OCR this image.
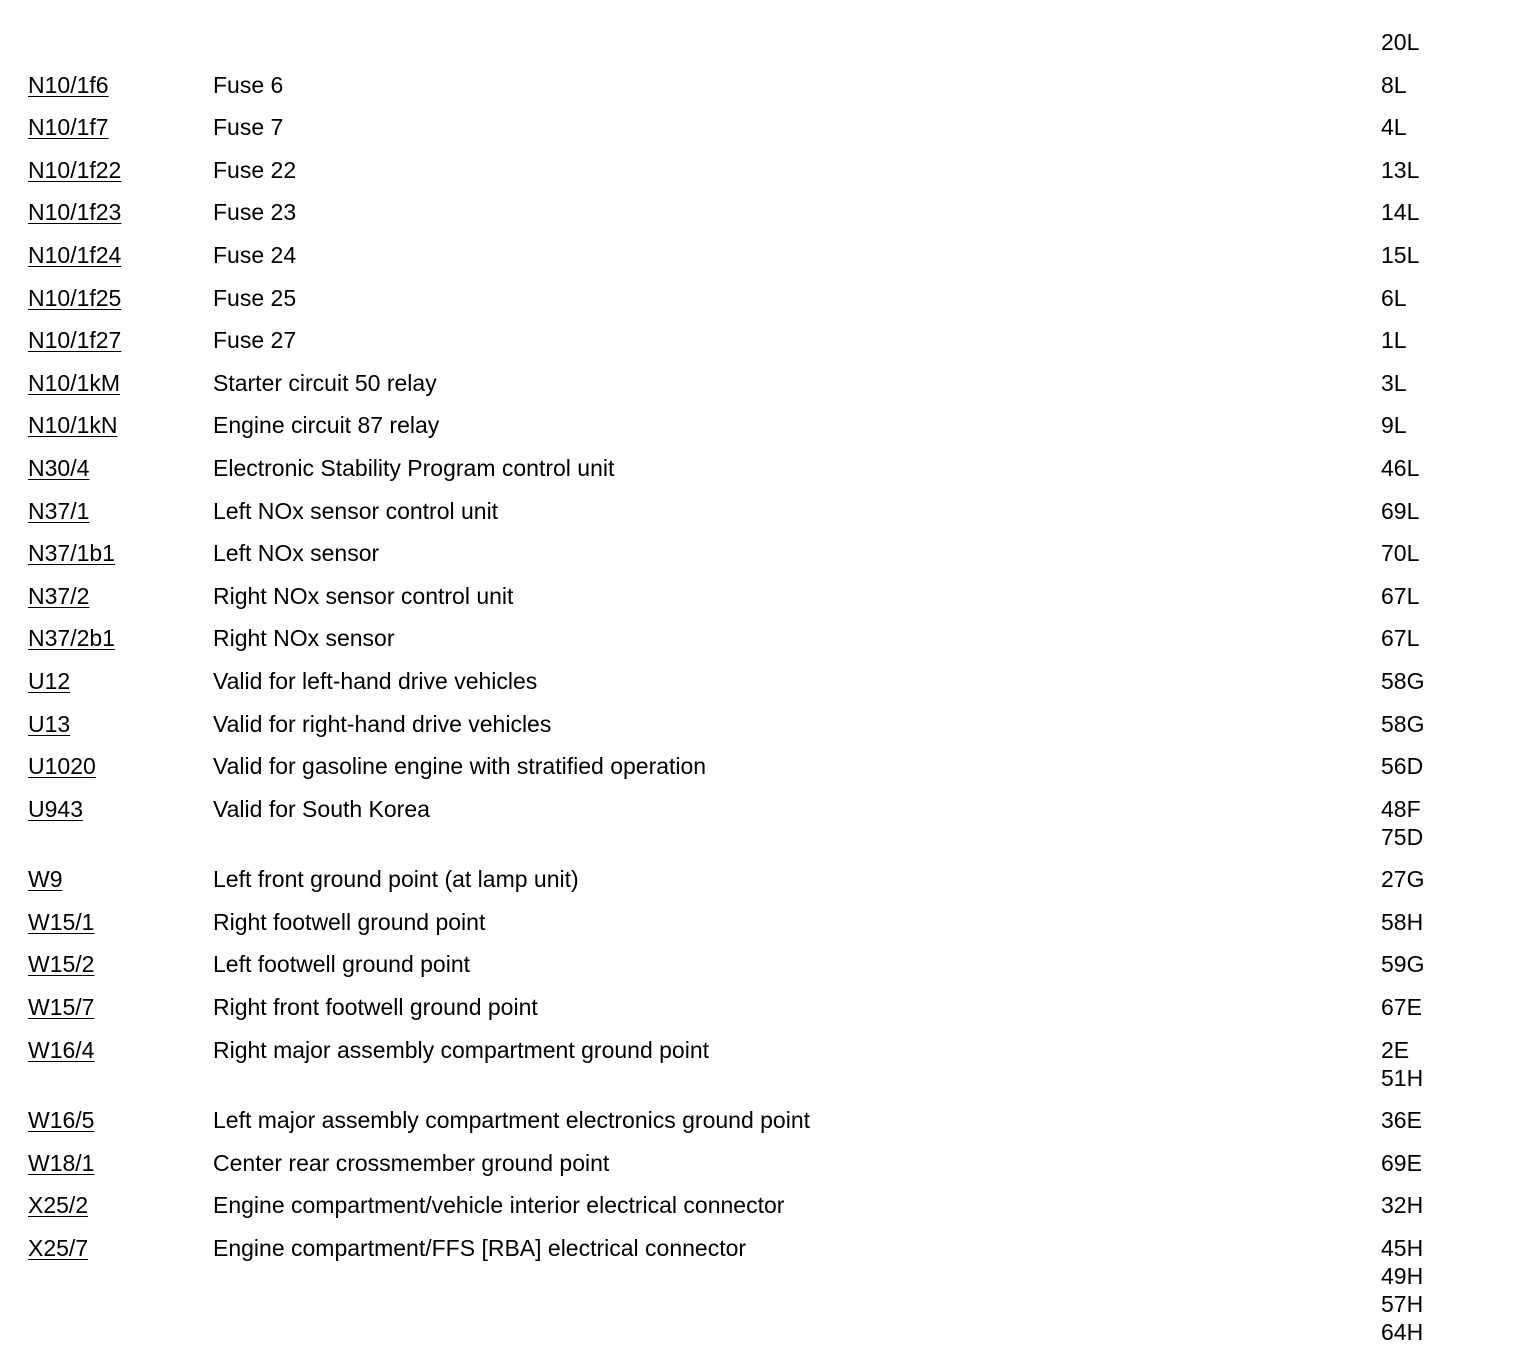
20L
N10/1f6	Fuse 6	8L
N10/1f7	Fuse 7	4L
N10/1f22	Fuse 22	13L
N10/1f23	Fuse 23	14L
N10/1f24	Fuse 24	15L
N10/1f25	Fuse 25	6L
N10/1f27	Fuse 27	1L
N10/1kM	Starter circuit 50 relay	3L
N10/1kN	Engine circuit 87 relay	9L
N30/4	Electronic Stability Program control unit	46L
N37/1	Left NOx sensor control unit	69L
N37/1b1	Left NOx sensor	70L
N37/2	Right NOx sensor control unit	67L
N37/2b1	Right NOx sensor	67L
U12	Valid for left-hand drive vehicles	58G
U13	Valid for right-hand drive vehicles	58G
U1020	Valid for gasoline engine with stratified operation	56D
U943	Valid for South Korea	48F
75D
W9	Left front ground point (at lamp unit)	27G
W15/1	Right footwell ground point	58H
W15/2	Left footwell ground point	59G
W15/7	Right front footwell ground point	67E
W16/4	Right major assembly compartment ground point	2E
51H
W16/5	Left major assembly compartment electronics ground point	36E
W18/1	Center rear crossmember ground point	69E
X25/2	Engine compartment/vehicle interior electrical connector	32H
X25/7	Engine compartment/FFS [RBA] electrical connector	45H
49H
57H
64H
